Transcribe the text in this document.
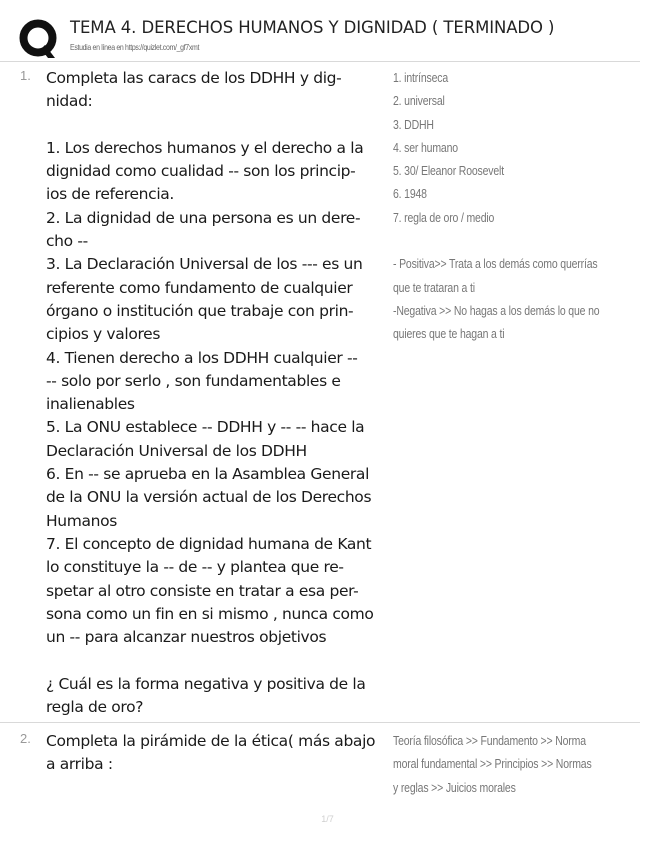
TEMA 4. DERECHOS HUMANOS Y DIGNIDAD ( TERMINADO )
Estudia en línea en https://quizlet.com/_gf7xmt
1. Completa las caracs de los DDHH y dig-
nidad:
1. Los derechos humanos y el derecho a la
dignidad como cualidad -- son los princip-
ios de referencia.
2. La dignidad de una persona es un dere-
cho --
3. La Declaración Universal de los --- es un
referente como fundamento de cualquier
órgano o institución que trabaje con prin-
cipios y valores
4. Tienen derecho a los DDHH cualquier --
-- solo por serlo , son fundamentables e
inalienables
5. La ONU establece -- DDHH y -- -- hace la
Declaración Universal de los DDHH
6. En -- se aprueba en la Asamblea General
de la ONU la versión actual de los Derechos
Humanos
7. El concepto de dignidad humana de Kant
lo constituye la -- de -- y plantea que re-
spetar al otro consiste en tratar a esa per-
sona como un fin en si mismo , nunca como
un -- para alcanzar nuestros objetivos
¿ Cuál es la forma negativa y positiva de la
regla de oro?
1. intrínseca
2. universal
3. DDHH
4. ser humano
5. 30/ Eleanor Roosevelt
6. 1948
7. regla de oro / medio
- Positiva>> Trata a los demás como querrías
que te trataran a ti
-Negativa >> No hagas a los demás lo que no
quieres que te hagan a ti
2. Completa la pirámide de la ética( más abajo
a arriba :
Teoría filosófica >> Fundamento >> Norma
moral fundamental >> Principios >> Normas
y reglas >> Juicios morales
1/7
